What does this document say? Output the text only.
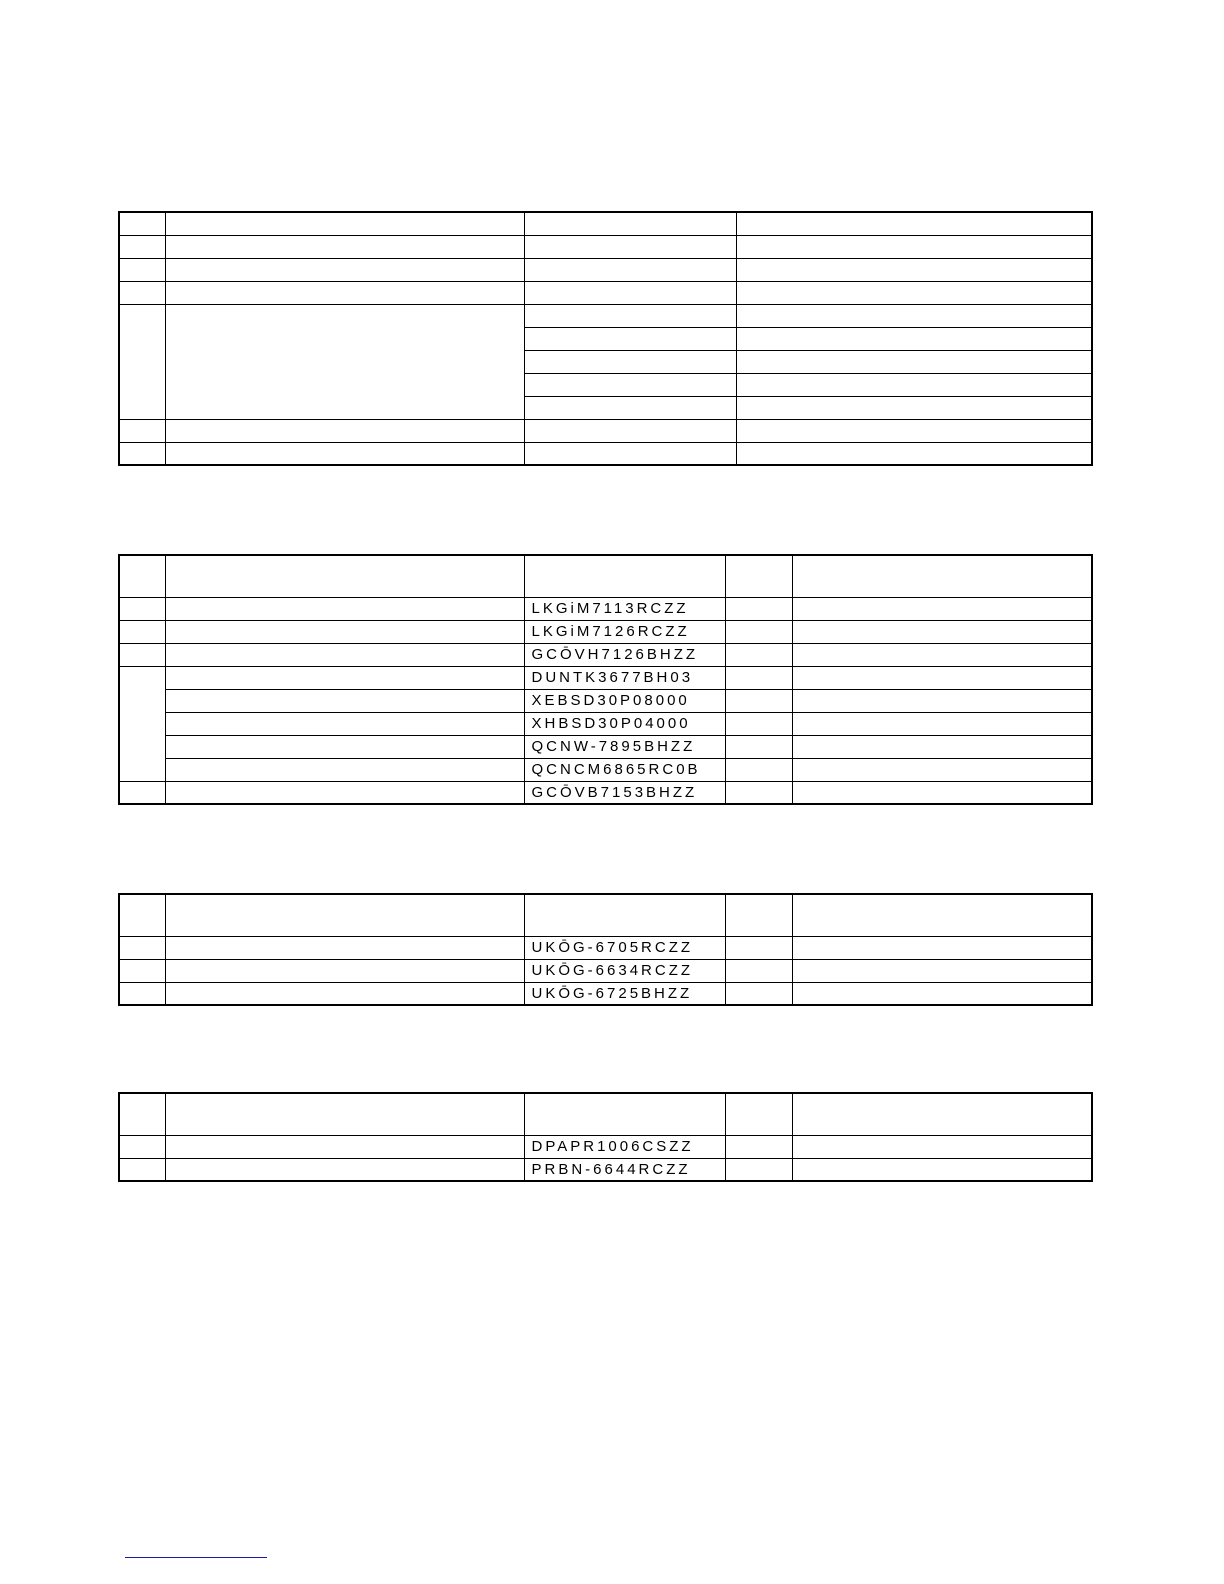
		LKGiM7113RCZZ		
		LKGiM7126RCZZ		
		GCŌVH7126BHZZ		
		DUNTK3677BH03		
		XEBSD30P08000		
		XHBSD30P04000		
		QCNW-7895BHZZ		
		QCNCM6865RC0B		
		GCŌVB7153BHZZ		

		UKŌG-6705RCZZ		
		UKŌG-6634RCZZ		
		UKŌG-6725BHZZ		

		DPAPR1006CSZZ		
		PRBN-6644RCZZ		
